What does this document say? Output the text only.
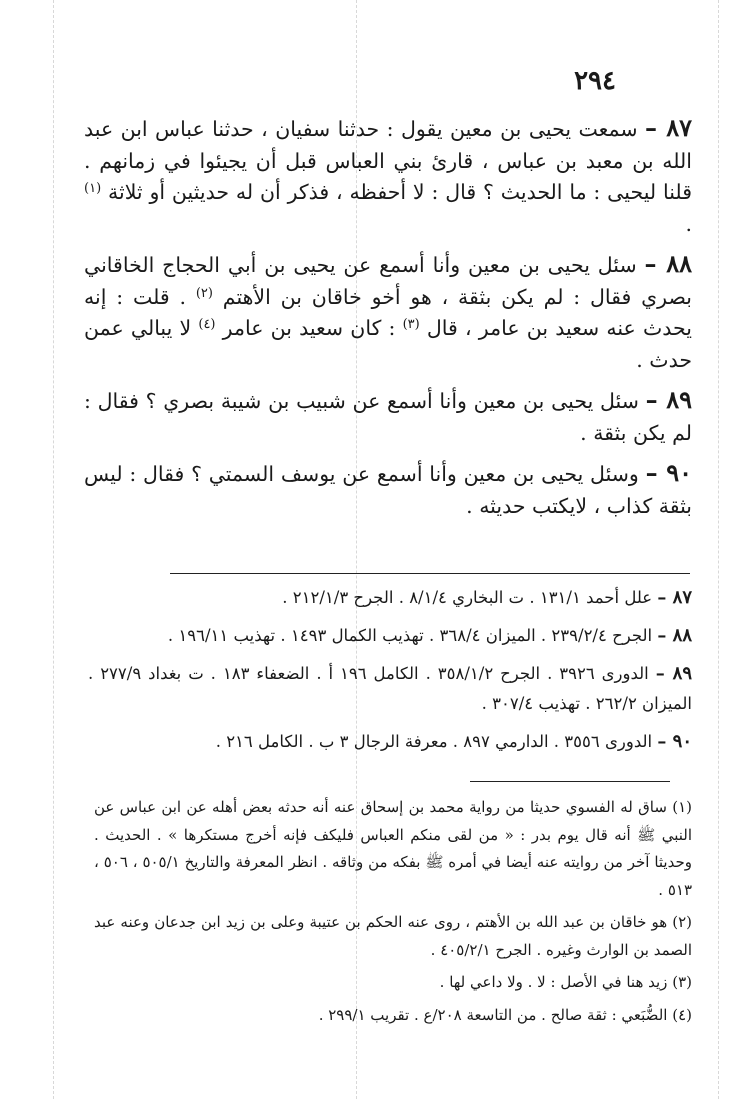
٢٩٤

٨٧ – سمعت يحيى بن معين يقول : حدثنا سفيان ، حدثنا عباس ابن عبد الله بن معبد بن عباس ، قارئ بني العباس قبل أن يجيئوا في زمانهم . قلنا ليحيى : ما الحديث ؟ قال : لا أحفظه ، فذكر أن له حديثين أو ثلاثة $^{(١)}$ .

٨٨ – سئل يحيى بن معين وأنا أسمع عن يحيى بن أبي الحجاج الخاقاني بصري فقال : لم يكن بثقة ، هو أخو خاقان بن الأهتم $^{(٢)}$ . قلت : إنه يحدث عنه سعيد بن عامر ، قال $^{(٣)}$ : كان سعيد بن عامر $^{(٤)}$ لا يبالي عمن حدث .

٨٩ – سئل يحيى بن معين وأنا أسمع عن شبيب بن شيبة بصري ؟ فقال : لم يكن بثقة .

٩٠ – وسئل يحيى بن معين وأنا أسمع عن يوسف السمتي ؟ فقال : ليس بثقة كذاب ، لايكتب حديثه .

٨٧ – علل أحمد ١٣١/١ . ت البخاري ٨/١/٤ . الجرح ٢١٢/١/٣ .

٨٨ – الجرح ٢٣٩/٢/٤ . الميزان ٣٦٨/٤ . تهذيب الكمال ١٤٩٣ . تهذيب ١٩٦/١١ .

٨٩ – الدورى ٣٩٢٦ . الجرح ٣٥٨/١/٢ . الكامل ١٩٦ أ . الضعفاء ١٨٣ . ت بغداد ٢٧٧/٩ . الميزان ٢٦٢/٢ . تهذيب ٣٠٧/٤ .

٩٠ – الدورى ٣٥٥٦ . الدارمي ٨٩٧ . معرفة الرجال ٣ ب . الكامل ٢١٦ .

(١) ساق له الفسوي حديثا من رواية محمد بن إسحاق عنه أنه حدثه بعض أهله عن ابن عباس عن النبي ﷺ أنه قال يوم بدر : « من لقى منكم العباس فليكف فإنه أخرج مستكرها » . الحديث . وحديثا آخر من روايته عنه أيضا في أمره ﷺ بفكه من وثاقه . انظر المعرفة والتاريخ ٥٠٥/١ ، ٥٠٦ ، ٥١٣ .

(٢) هو خاقان بن عبد الله بن الأهتم ، روى عنه الحكم بن عتيبة وعلى بن زيد ابن جدعان وعنه عبد الصمد بن الوارث وغيره . الجرح ٤٠٥/٢/١ .

(٣) زيد هنا في الأصل : لا . ولا داعي لها .

(٤) الضُّبَعي : ثقة صالح . من التاسعة ٢٠٨/ع . تقريب ٢٩٩/١ .
